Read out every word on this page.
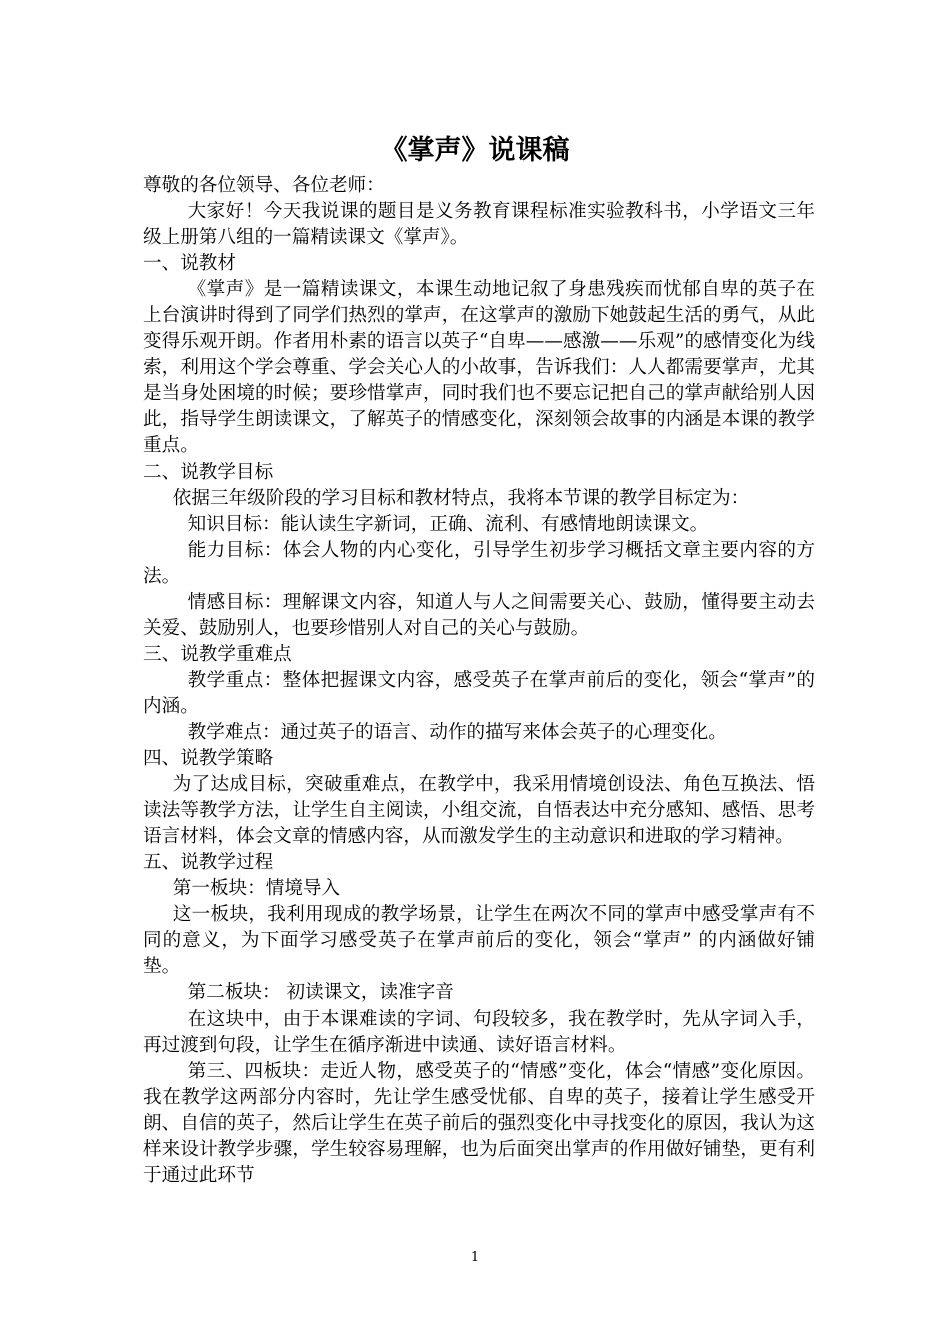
《掌声》说课稿

尊敬的各位领导、各位老师：

大家好！今天我说课的题目是义务教育课程标准实验教科书，小学语文三年级上册第八组的一篇精读课文《掌声》。

一、说教材

《掌声》是一篇精读课文，本课生动地记叙了身患残疾而忧郁自卑的英子在上台演讲时得到了同学们热烈的掌声，在这掌声的激励下她鼓起生活的勇气，从此变得乐观开朗。作者用朴素的语言以英子“自卑——感激——乐观”的感情变化为线索，利用这个学会尊重、学会关心人的小故事，告诉我们：人人都需要掌声，尤其是当身处困境的时候；要珍惜掌声，同时我们也不要忘记把自己的掌声献给别人因此，指导学生朗读课文，了解英子的情感变化，深刻领会故事的内涵是本课的教学重点。

二、说教学目标

依据三年级阶段的学习目标和教材特点，我将本节课的教学目标定为：

知识目标：能认读生字新词，正确、流利、有感情地朗读课文。

能力目标：体会人物的内心变化，引导学生初步学习概括文章主要内容的方法。

情感目标：理解课文内容，知道人与人之间需要关心、鼓励，懂得要主动去关爱、鼓励别人，也要珍惜别人对自己的关心与鼓励。

三、说教学重难点

教学重点：整体把握课文内容，感受英子在掌声前后的变化，领会“掌声”的内涵。

教学难点：通过英子的语言、动作的描写来体会英子的心理变化。

四、说教学策略

为了达成目标，突破重难点，在教学中，我采用情境创设法、角色互换法、悟读法等教学方法，让学生自主阅读，小组交流，自悟表达中充分感知、感悟、思考语言材料，体会文章的情感内容，从而激发学生的主动意识和进取的学习精神。

五、说教学过程

第一板块：情境导入

这一板块，我利用现成的教学场景，让学生在两次不同的掌声中感受掌声有不同的意义，为下面学习感受英子在掌声前后的变化，领会“掌声” 的内涵做好铺垫。

第二板块： 初读课文，读准字音

在这块中，由于本课难读的字词、句段较多，我在教学时，先从字词入手，再过渡到句段，让学生在循序渐进中读通、读好语言材料。

第三、四板块：走近人物，感受英子的“情感”变化，体会“情感”变化原因。我在教学这两部分内容时，先让学生感受忧郁、自卑的英子，接着让学生感受开朗、自信的英子，然后让学生在英子前后的强烈变化中寻找变化的原因，我认为这样来设计教学步骤，学生较容易理解，也为后面突出掌声的作用做好铺垫，更有利于通过此环节

1
